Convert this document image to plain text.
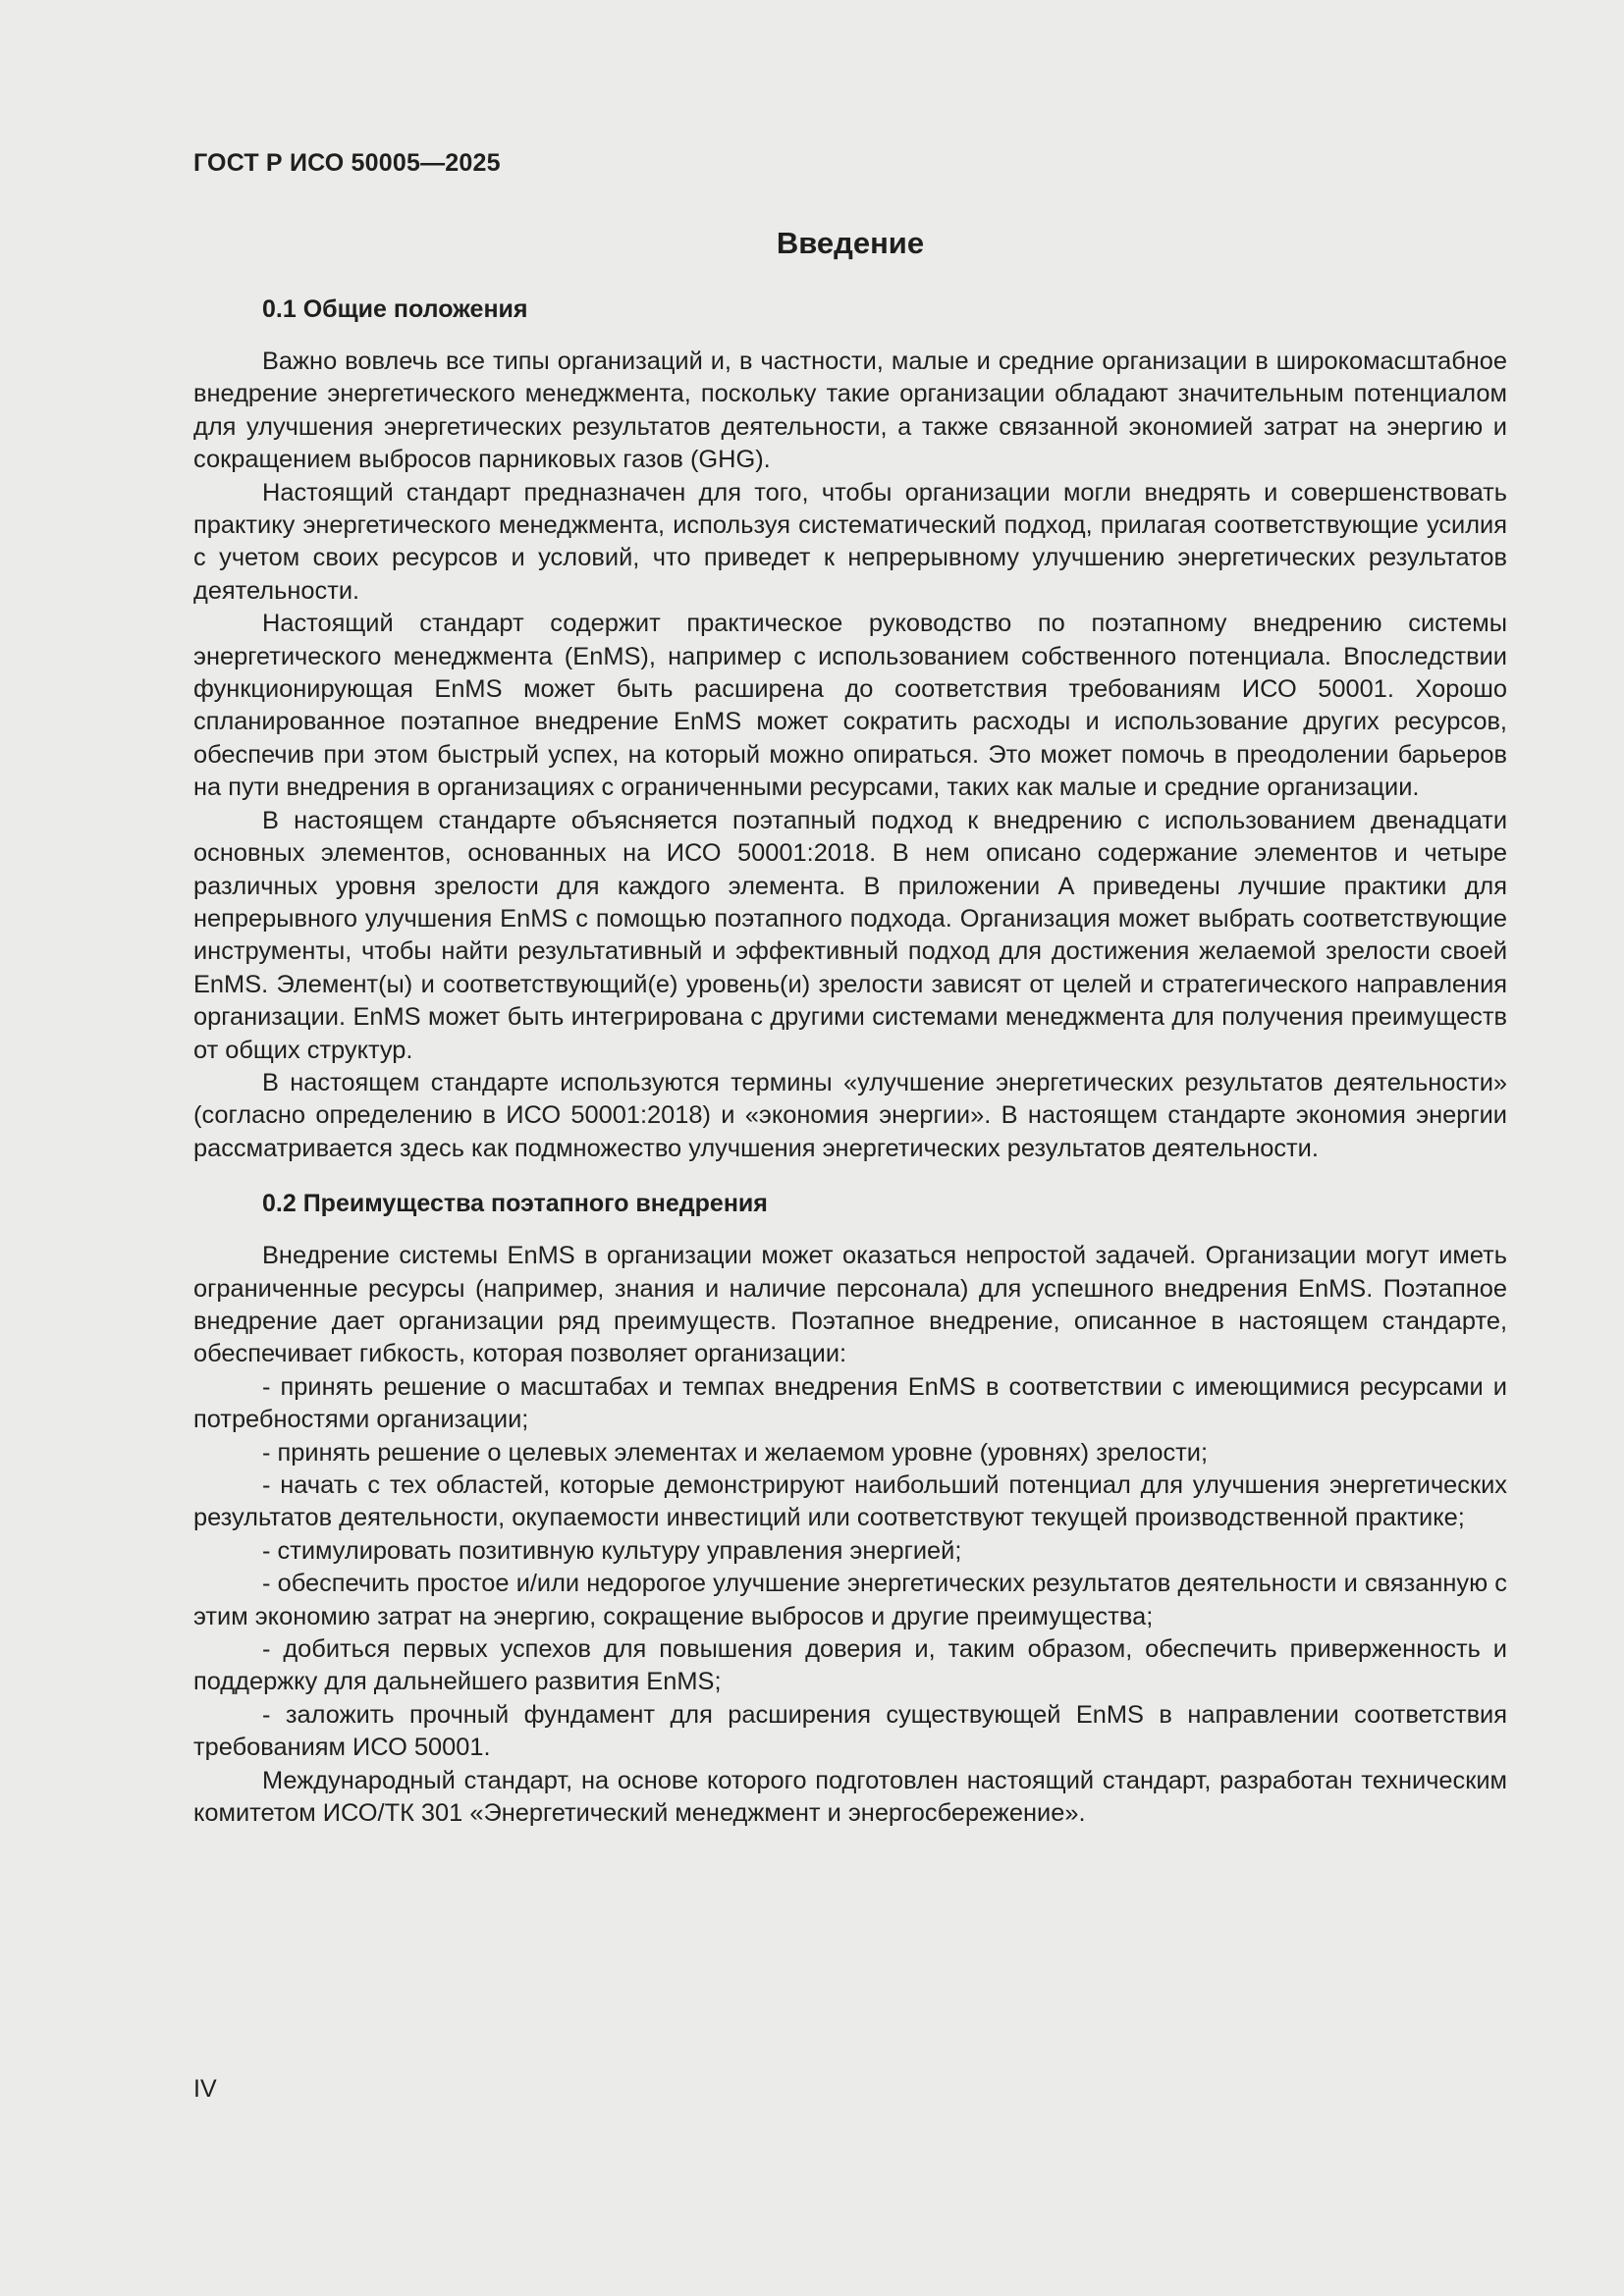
ГОСТ Р ИСО 50005—2025
Введение
0.1 Общие положения

Важно вовлечь все типы организаций и, в частности, малые и средние организации в широкомасштабное внедрение энергетического менеджмента, поскольку такие организации обладают значительным потенциалом для улучшения энергетических результатов деятельности, а также связанной экономией затрат на энергию и сокращением выбросов парниковых газов (GHG).

Настоящий стандарт предназначен для того, чтобы организации могли внедрять и совершенствовать практику энергетического менеджмента, используя систематический подход, прилагая соответствующие усилия с учетом своих ресурсов и условий, что приведет к непрерывному улучшению энергетических результатов деятельности.

Настоящий стандарт содержит практическое руководство по поэтапному внедрению системы энергетического менеджмента (EnMS), например с использованием собственного потенциала. Впоследствии функционирующая EnMS может быть расширена до соответствия требованиям ИСО 50001. Хорошо спланированное поэтапное внедрение EnMS может сократить расходы и использование других ресурсов, обеспечив при этом быстрый успех, на который можно опираться. Это может помочь в преодолении барьеров на пути внедрения в организациях с ограниченными ресурсами, таких как малые и средние организации.

В настоящем стандарте объясняется поэтапный подход к внедрению с использованием двенадцати основных элементов, основанных на ИСО 50001:2018. В нем описано содержание элементов и четыре различных уровня зрелости для каждого элемента. В приложении А приведены лучшие практики для непрерывного улучшения EnMS с помощью поэтапного подхода. Организация может выбрать соответствующие инструменты, чтобы найти результативный и эффективный подход для достижения желаемой зрелости своей EnMS. Элемент(ы) и соответствующий(е) уровень(и) зрелости зависят от целей и стратегического направления организации. EnMS может быть интегрирована с другими системами менеджмента для получения преимуществ от общих структур.

В настоящем стандарте используются термины «улучшение энергетических результатов деятельности» (согласно определению в ИСО 50001:2018) и «экономия энергии». В настоящем стандарте экономия энергии рассматривается здесь как подмножество улучшения энергетических результатов деятельности.

0.2 Преимущества поэтапного внедрения

Внедрение системы EnMS в организации может оказаться непростой задачей. Организации могут иметь ограниченные ресурсы (например, знания и наличие персонала) для успешного внедрения EnMS. Поэтапное внедрение дает организации ряд преимуществ. Поэтапное внедрение, описанное в настоящем стандарте, обеспечивает гибкость, которая позволяет организации:

- принять решение о масштабах и темпах внедрения EnMS в соответствии с имеющимися ресурсами и потребностями организации;

- принять решение о целевых элементах и желаемом уровне (уровнях) зрелости;

- начать с тех областей, которые демонстрируют наибольший потенциал для улучшения энергетических результатов деятельности, окупаемости инвестиций или соответствуют текущей производственной практике;

- стимулировать позитивную культуру управления энергией;

- обеспечить простое и/или недорогое улучшение энергетических результатов деятельности и связанную с этим экономию затрат на энергию, сокращение выбросов и другие преимущества;

- добиться первых успехов для повышения доверия и, таким образом, обеспечить приверженность и поддержку для дальнейшего развития EnMS;

- заложить прочный фундамент для расширения существующей EnMS в направлении соответствия требованиям ИСО 50001.

Международный стандарт, на основе которого подготовлен настоящий стандарт, разработан техническим комитетом ИСО/ТК 301 «Энергетический менеджмент и энергосбережение».

IV
